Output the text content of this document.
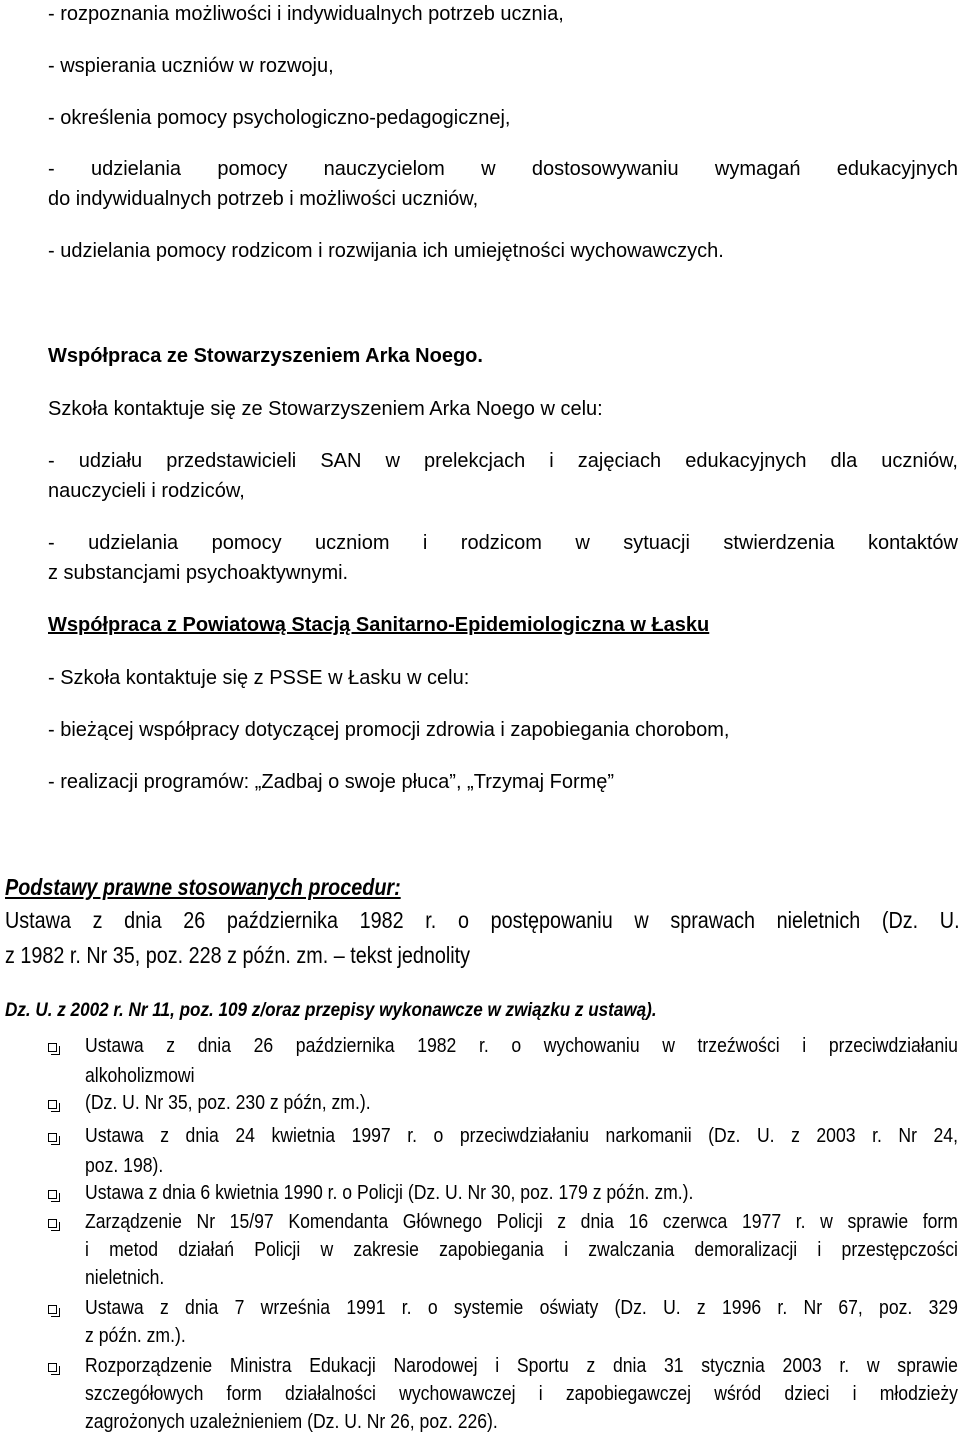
- rozpoznania możliwości i indywidualnych potrzeb ucznia,
- wspierania uczniów w rozwoju,
- określenia pomocy psychologiczno-pedagogicznej,
- udzielania pomocy nauczycielom w dostosowywaniu wymagań edukacyjnych
do indywidualnych potrzeb i możliwości uczniów,
- udzielania pomocy rodzicom i rozwijania ich umiejętności wychowawczych.
Współpraca ze Stowarzyszeniem Arka Noego.
Szkoła kontaktuje się ze Stowarzyszeniem Arka Noego w celu:
- udziału przedstawicieli SAN w prelekcjach i zajęciach edukacyjnych dla uczniów,
nauczycieli i rodziców,
- udzielania pomocy uczniom i rodzicom w sytuacji stwierdzenia kontaktów
z substancjami psychoaktywnymi.
Współpraca z Powiatową Stacją Sanitarno-Epidemiologiczna w Łasku
- Szkoła kontaktuje się z PSSE w Łasku w celu:
- bieżącej współpracy dotyczącej promocji zdrowia i zapobiegania chorobom,
- realizacji programów: „Zadbaj o swoje płuca”, „Trzymaj Formę”
Podstawy prawne stosowanych procedur:
Ustawa z dnia 26 października 1982 r. o postępowaniu w sprawach nieletnich (Dz. U.
z 1982 r. Nr 35, poz. 228 z późn. zm. – tekst jednolity
Dz. U. z 2002 r. Nr 11, poz. 109 z/oraz przepisy wykonawcze w związku z ustawą).
Ustawa z dnia 26 października 1982 r. o wychowaniu w trzeźwości i przeciwdziałaniu
alkoholizmowi
(Dz. U. Nr 35, poz. 230 z późn, zm.).
Ustawa z dnia 24 kwietnia 1997 r. o przeciwdziałaniu narkomanii (Dz. U. z 2003 r. Nr 24,
poz. 198).
Ustawa z dnia 6 kwietnia 1990 r. o Policji (Dz. U. Nr 30, poz. 179 z późn. zm.).
Zarządzenie Nr 15/97 Komendanta Głównego Policji z dnia 16 czerwca 1977 r. w sprawie form
i metod działań Policji w zakresie zapobiegania i zwalczania demoralizacji i przestępczości
nieletnich.
Ustawa z dnia 7 września 1991 r. o systemie oświaty (Dz. U. z 1996 r. Nr 67, poz. 329
z późn. zm.).
Rozporządzenie Ministra Edukacji Narodowej i Sportu z dnia 31 stycznia 2003 r. w sprawie
szczegółowych form działalności wychowawczej i zapobiegawczej wśród dzieci i młodzieży
zagrożonych uzależnieniem (Dz. U. Nr 26, poz. 226).
